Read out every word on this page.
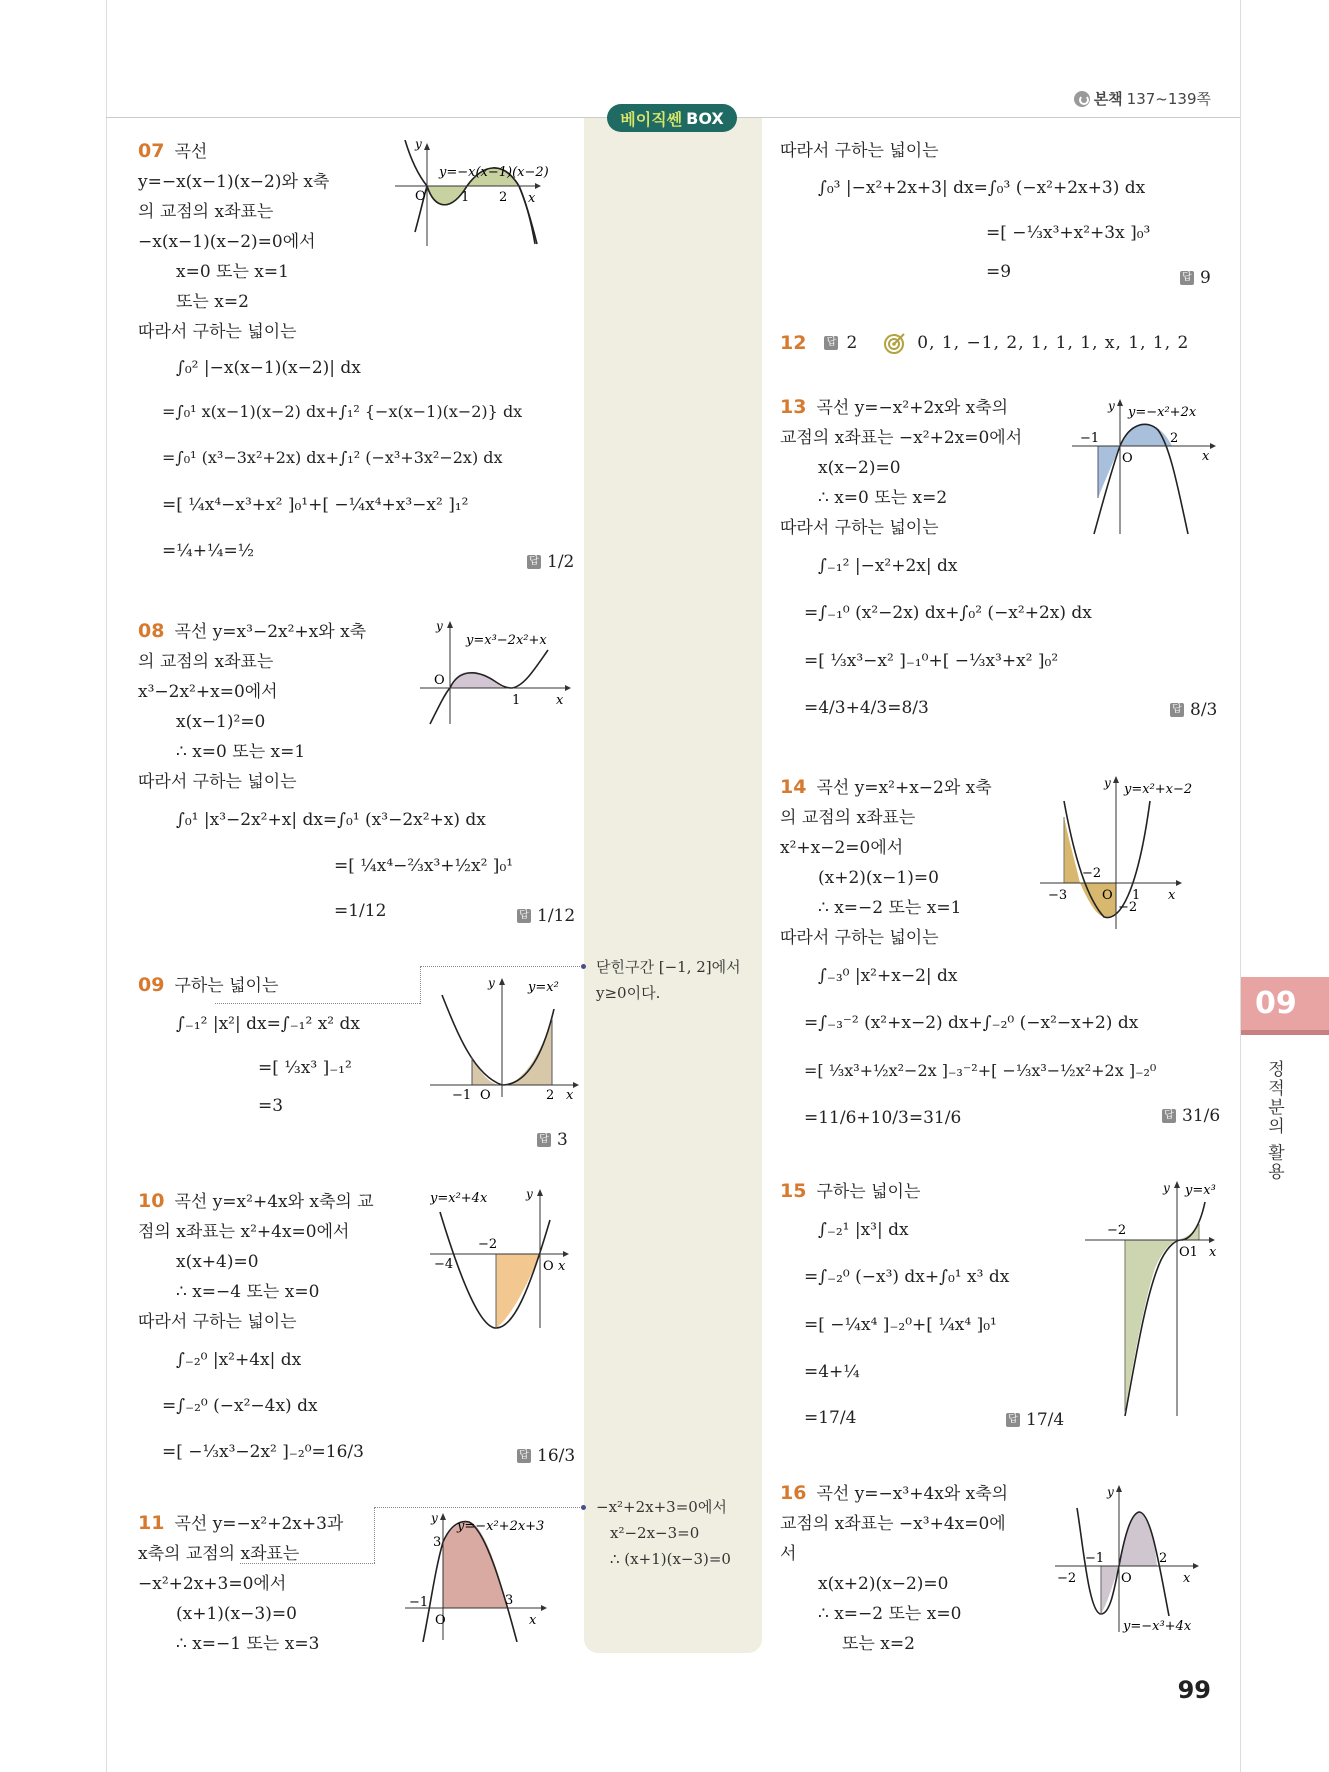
본책 137~139쪽
베이직쎈 BOX
09
정적분의 활용
99
07 곡선
y=−x(x−1)(x−2)와 x축
의 교점의 x좌표는
−x(x−1)(x−2)=0에서
x=0 또는 x=1
또는 x=2
따라서 구하는 넓이는
∫₀² |−x(x−1)(x−2)| dx
=∫₀¹ x(x−1)(x−2) dx+∫₁² {−x(x−1)(x−2)} dx
=∫₀¹ (x³−3x²+2x) dx+∫₁² (−x³+3x²−2x) dx
=[ ¼x⁴−x³+x² ]₀¹+[ −¼x⁴+x³−x² ]₁²
=¼+¼=½
답 1/2
y
O	1 2 x
y=−x(x−1)(x−2)
08 곡선 y=x³−2x²+x와 x축
의 교점의 x좌표는
x³−2x²+x=0에서
x(x−1)²=0
∴ x=0 또는 x=1
따라서 구하는 넓이는
∫₀¹ |x³−2x²+x| dx=∫₀¹ (x³−2x²+x) dx
=[ ¼x⁴−⅔x³+½x² ]₀¹
=1/12	답 1/12
y
O
1	x
y=x³−2x²+x
09 구하는 넓이는
∫₋₁² |x²| dx=∫₋₁² x² dx
=[ ⅓x³ ]₋₁²
=3
답 3
닫힌구간 [−1, 2]에서
y≥0이다.
y
−1 O	2 x
y=x²
10 곡선 y=x²+4x와 x축의 교
점의 x좌표는 x²+4x=0에서
x(x+4)=0
∴ x=−4 또는 x=0
따라서 구하는 넓이는
∫₋₂⁰ |x²+4x| dx
=∫₋₂⁰ (−x²−4x) dx
=[ −⅓x³−2x² ]₋₂⁰=16/3	답 16/3
y
−4
−2
O x
y=x²+4x
11 곡선 y=−x²+2x+3과
x축의 교점의 x좌표는
−x²+2x+3=0에서
(x+1)(x−3)=0
∴ x=−1 또는 x=3
−x²+2x+3=0에서
x²−2x−3=0
∴ (x+1)(x−3)=0
y
3
−1	3
O	x
y=−x²+2x+3
따라서 구하는 넓이는
∫₀³ |−x²+2x+3| dx=∫₀³ (−x²+2x+3) dx
=[ −⅓x³+x²+3x ]₀³
=9	답 9
12 답 2	0, 1, −1, 2, 1, 1, 1, x, 1, 1, 2
13 곡선 y=−x²+2x와 x축의
교점의 x좌표는 −x²+2x=0에서
x(x−2)=0
∴ x=0 또는 x=2
따라서 구하는 넓이는
∫₋₁² |−x²+2x| dx
=∫₋₁⁰ (x²−2x) dx+∫₀² (−x²+2x) dx
=[ ⅓x³−x² ]₋₁⁰+[ −⅓x³+x² ]₀²
=4/3+4/3=8/3	답 8/3
y
−1	2
O	x
y=−x²+2x
14 곡선 y=x²+x−2와 x축
의 교점의 x좌표는
x²+x−2=0에서
(x+2)(x−1)=0
∴ x=−2 또는 x=1
따라서 구하는 넓이는
∫₋₃⁰ |x²+x−2| dx
=∫₋₃⁻² (x²+x−2) dx+∫₋₂⁰ (−x²−x+2) dx
=[ ⅓x³+½x²−2x ]₋₃⁻²+[ −⅓x³−½x²+2x ]₋₂⁰
=11/6+10/3=31/6	답 31/6
y
−3
−2
O 1 x
−2
y=x²+x−2
15 구하는 넓이는
∫₋₂¹ |x³| dx
=∫₋₂⁰ (−x³) dx+∫₀¹ x³ dx
=[ −¼x⁴ ]₋₂⁰+[ ¼x⁴ ]₀¹
=4+¼
=17/4	답 17/4
y
−2
O1 x
y=x³
16 곡선 y=−x³+4x와 x축의
교점의 x좌표는 −x³+4x=0에
서
x(x+2)(x−2)=0
∴ x=−2 또는 x=0
또는 x=2
y
−2
−1
O
2
x
y=−x³+4x
